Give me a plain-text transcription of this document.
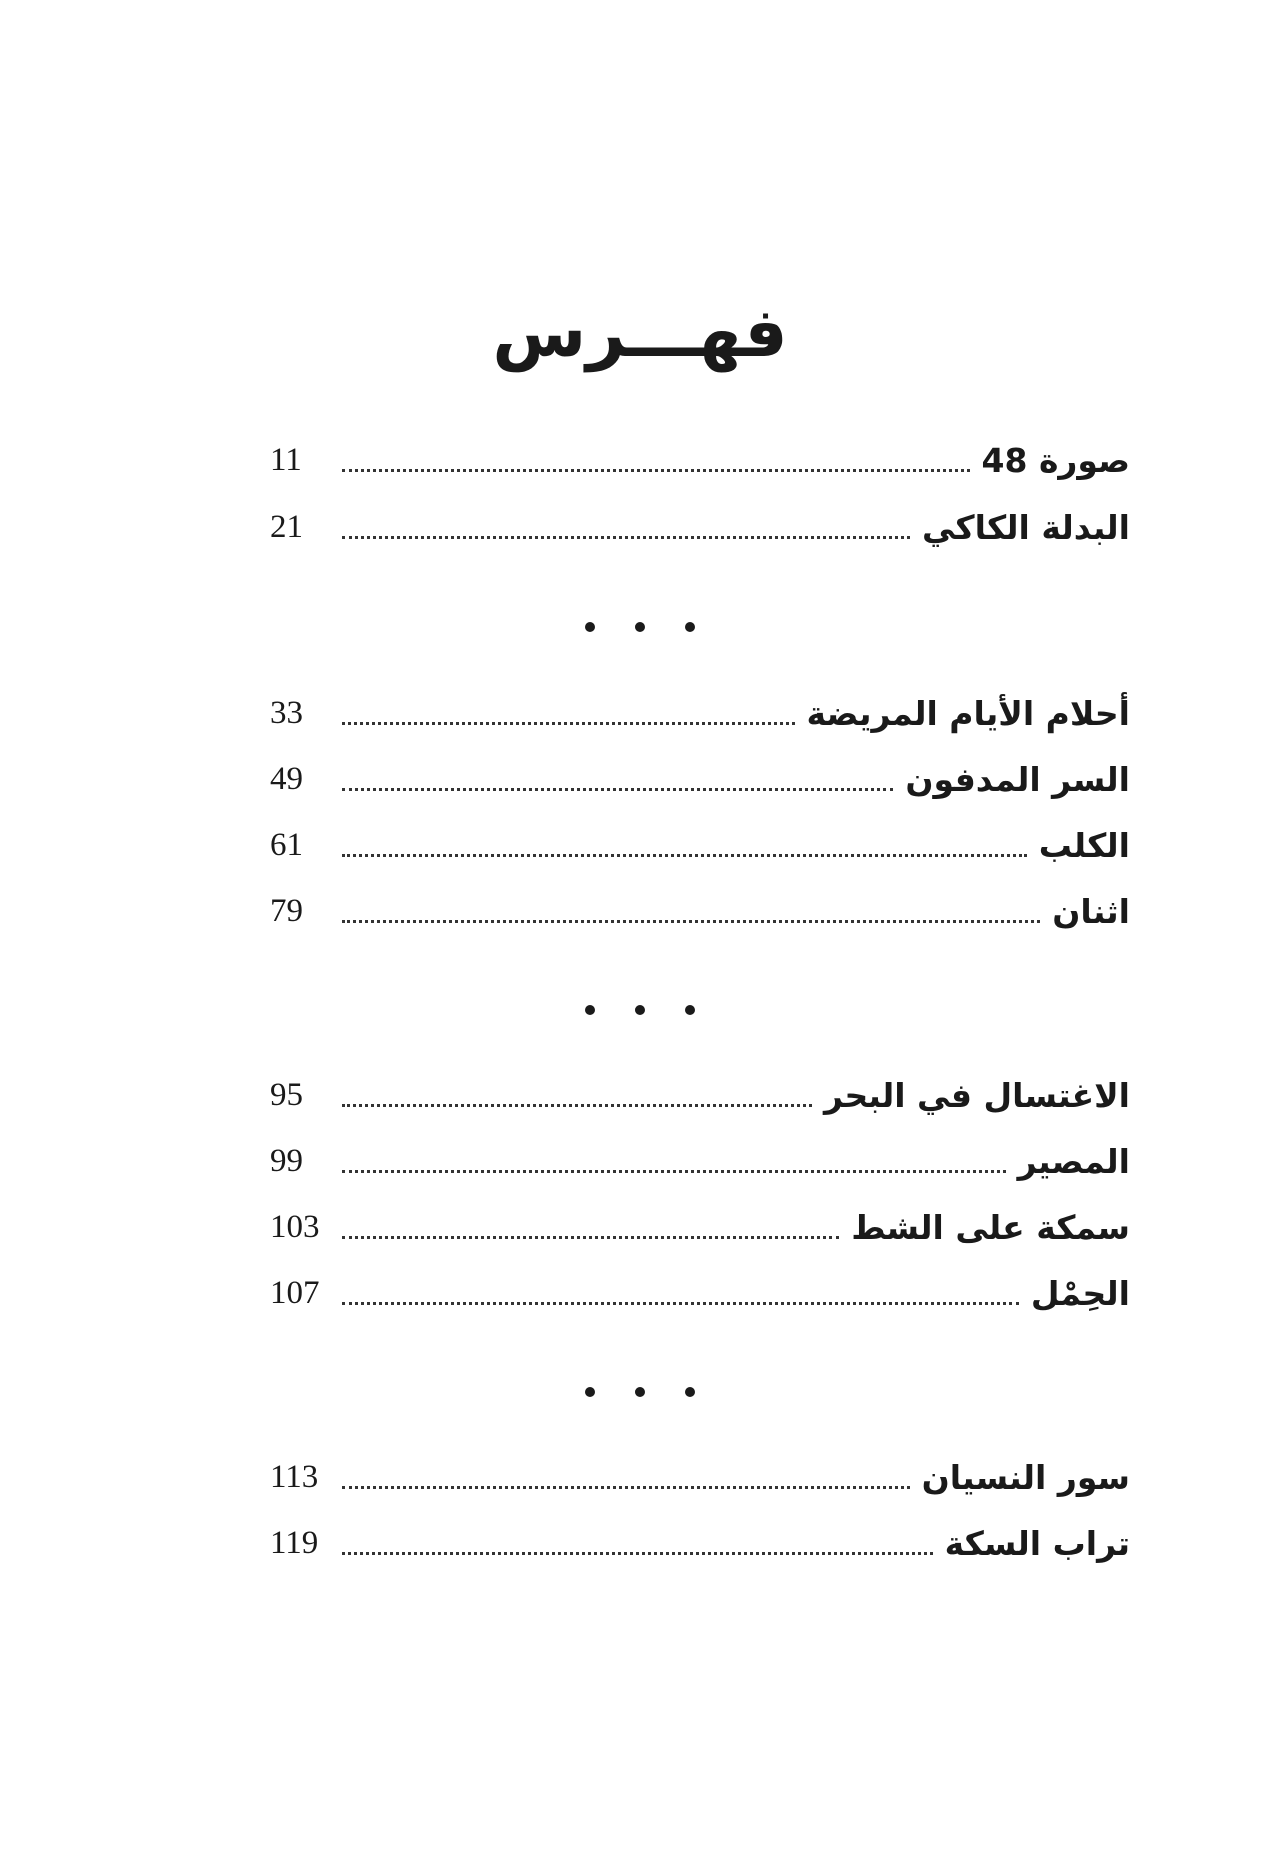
فهـــرس
صورة 48
11
البدلة الكاكي
21
أحلام الأيام المريضة
33
السر المدفون
49
الكلب
61
اثنان
79
الاغتسال في البحر
95
المصير
99
سمكة على الشط
103
الحِمْل
107
سور النسيان
113
تراب السكة
119
